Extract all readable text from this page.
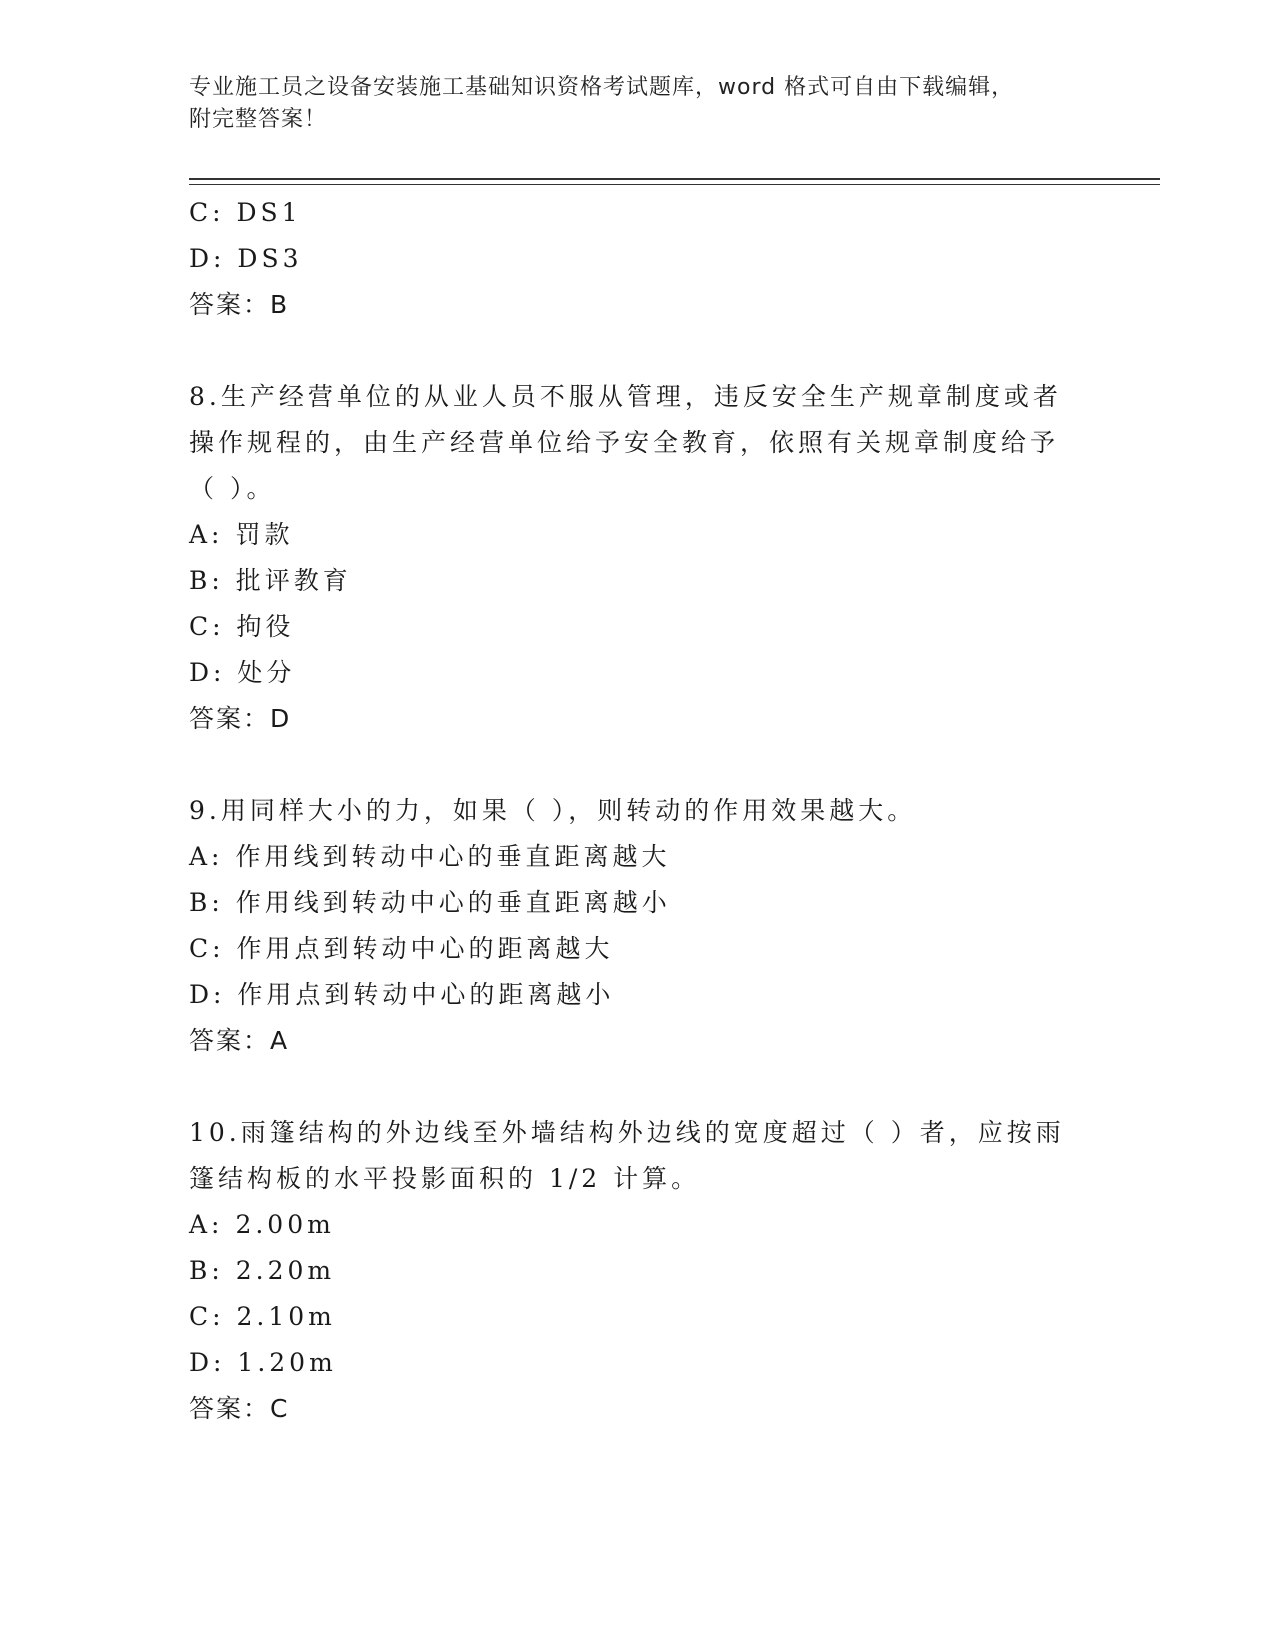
专业施工员之设备安装施工基础知识资格考试题库，word 格式可自由下载编辑，
附完整答案！
C: DS1
D: DS3
答案：B
8.生产经营单位的从业人员不服从管理，违反安全生产规章制度或者操作规程的，由生产经营单位给予安全教育，依照有关规章制度给予（ ）。
A: 罚款
B: 批评教育
C: 拘役
D: 处分
答案：D
9.用同样大小的力，如果（ ），则转动的作用效果越大。
A: 作用线到转动中心的垂直距离越大
B: 作用线到转动中心的垂直距离越小
C: 作用点到转动中心的距离越大
D: 作用点到转动中心的距离越小
答案：A
10.雨篷结构的外边线至外墙结构外边线的宽度超过（ ）者，应按雨篷结构板的水平投影面积的 1/2 计算。
A: 2.00m
B: 2.20m
C: 2.10m
D: 1.20m
答案：C
